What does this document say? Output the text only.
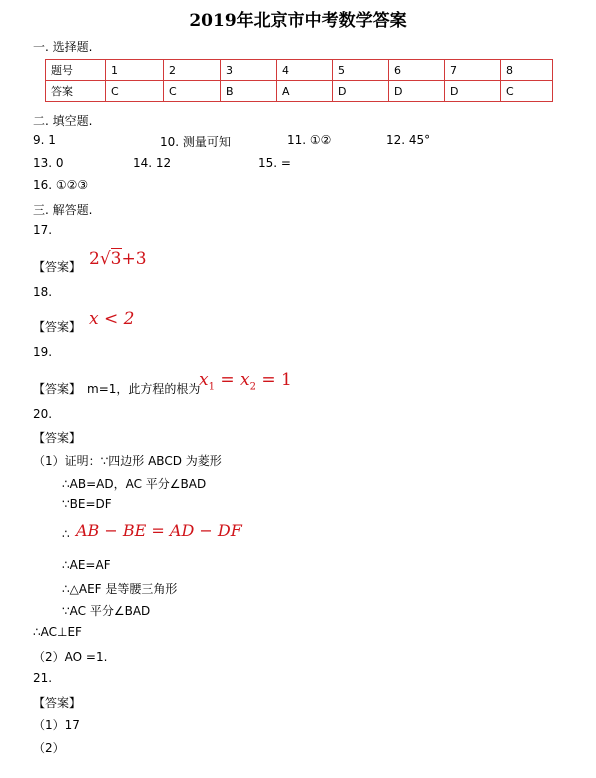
2019年北京市中考数学答案
一. 选择题.
题号	1	2	3	4	5	6	7	8
答案	C	C	B	A	D	D	D	C
二. 填空题.
9. 1	10. 测量可知	11. ①②	12. 45°
13. 0	14. 12	15. =
16. ①②③
三. 解答题.
17.
【答案】 2√3+3
18.
【答案】 x < 2
19.
【答案】 m=1，此方程的根为
$x_1 = x_2 = 1$
20.
【答案】
（1）证明：∵四边形 ABCD 为菱形
∴AB=AD，AC 平分∠BAD
∵BE=DF
∴ AB − BE = AD − DF
∴AE=AF
∴△AEF 是等腰三角形
∵AC 平分∠BAD
∴AC⊥EF
（2）AO =1.
21.
【答案】
（1）17
（2）
